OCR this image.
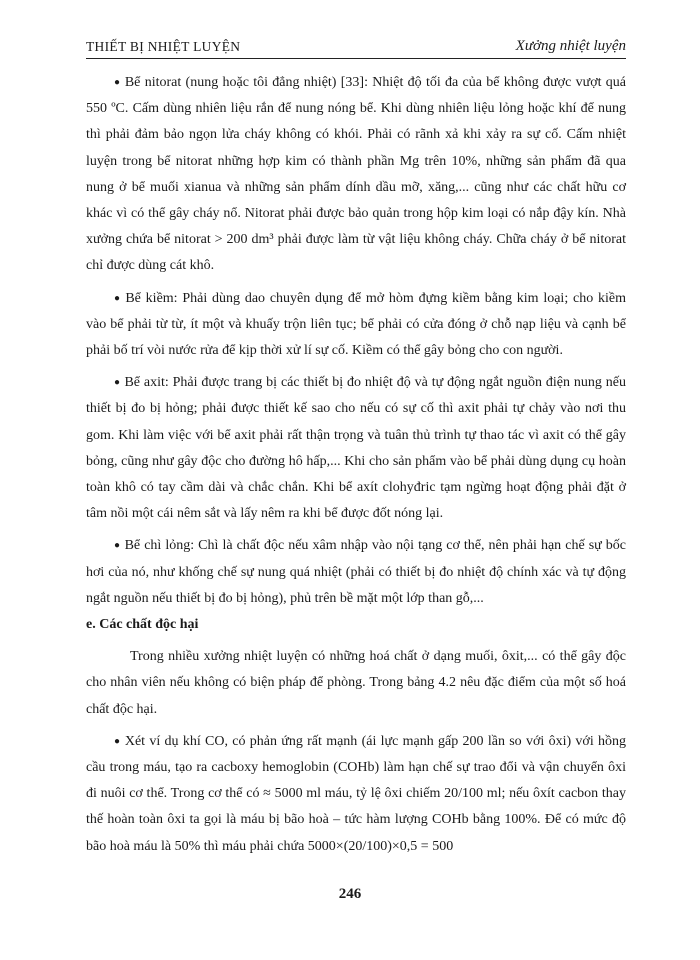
THIẾT BỊ NHIỆT LUYỆN	Xưởng nhiệt luyện

● Bể nitorat (nung hoặc tôi đẳng nhiệt) [33]: Nhiệt độ tối đa của bể không được vượt quá 550 ºC. Cấm dùng nhiên liệu rắn để nung nóng bể. Khi dùng nhiên liệu lỏng hoặc khí để nung thì phải đảm bảo ngọn lửa cháy không có khói. Phải có rãnh xả khi xảy ra sự cố. Cấm nhiệt luyện trong bể nitorat những hợp kim có thành phần Mg trên 10%, những sản phẩm đã qua nung ở bể muối xianua và những sản phẩm dính dầu mỡ, xăng,... cũng như các chất hữu cơ khác vì có thể gây cháy nổ. Nitorat phải được bảo quản trong hộp kim loại có nắp đậy kín. Nhà xưởng chứa bể nitorat > 200 dm³ phải được làm từ vật liệu không cháy. Chữa cháy ở bể nitorat chỉ được dùng cát khô.

● Bể kiềm: Phải dùng dao chuyên dụng để mở hòm đựng kiềm bằng kim loại; cho kiềm vào bể phải từ từ, ít một và khuấy trộn liên tục; bể phải có cửa đóng ở chỗ nạp liệu và cạnh bể phải bố trí vòi nước rửa để kịp thời xử lí sự cố. Kiềm có thể gây bỏng cho con người.

● Bể axit: Phải được trang bị các thiết bị đo nhiệt độ và tự động ngắt nguồn điện nung nếu thiết bị đo bị hỏng; phải được thiết kế sao cho nếu có sự cố thì axit phải tự chảy vào nơi thu gom. Khi làm việc với bể axit phải rất thận trọng và tuân thủ trình tự thao tác vì axit có thể gây bỏng, cũng như gây độc cho đường hô hấp,... Khi cho sản phẩm vào bể phải dùng dụng cụ hoàn toàn khô có tay cầm dài và chắc chắn. Khi bể axít clohyđric tạm ngừng hoạt động phải đặt ở tâm nồi một cái nêm sắt và lấy nêm ra khi bể được đốt nóng lại.

● Bể chì lỏng: Chì là chất độc nếu xâm nhập vào nội tạng cơ thể, nên phải hạn chế sự bốc hơi của nó, như khống chế sự nung quá nhiệt (phải có thiết bị đo nhiệt độ chính xác và tự động ngắt nguồn nếu thiết bị đo bị hỏng), phủ trên bề mặt một lớp than gỗ,...

e. Các chất độc hại

Trong nhiều xưởng nhiệt luyện có những hoá chất ở dạng muối, ôxit,... có thể gây độc cho nhân viên nếu không có biện pháp để phòng. Trong bảng 4.2 nêu đặc điểm của một số hoá chất độc hại.

● Xét ví dụ khí CO, có phản ứng rất mạnh (ái lực mạnh gấp 200 lần so với ôxi) với hồng cầu trong máu, tạo ra cacboxy hemoglobin (COHb) làm hạn chế sự trao đổi và vận chuyển ôxi đi nuôi cơ thể. Trong cơ thể có ≈ 5000 ml máu, tỷ lệ ôxi chiếm 20/100 ml; nếu ôxít cacbon thay thế hoàn toàn ôxi ta gọi là máu bị bão hoà – tức hàm lượng COHb bằng 100%. Để có mức độ bão hoà máu là 50% thì máu phải chứa 5000×(20/100)×0,5 = 500

246
